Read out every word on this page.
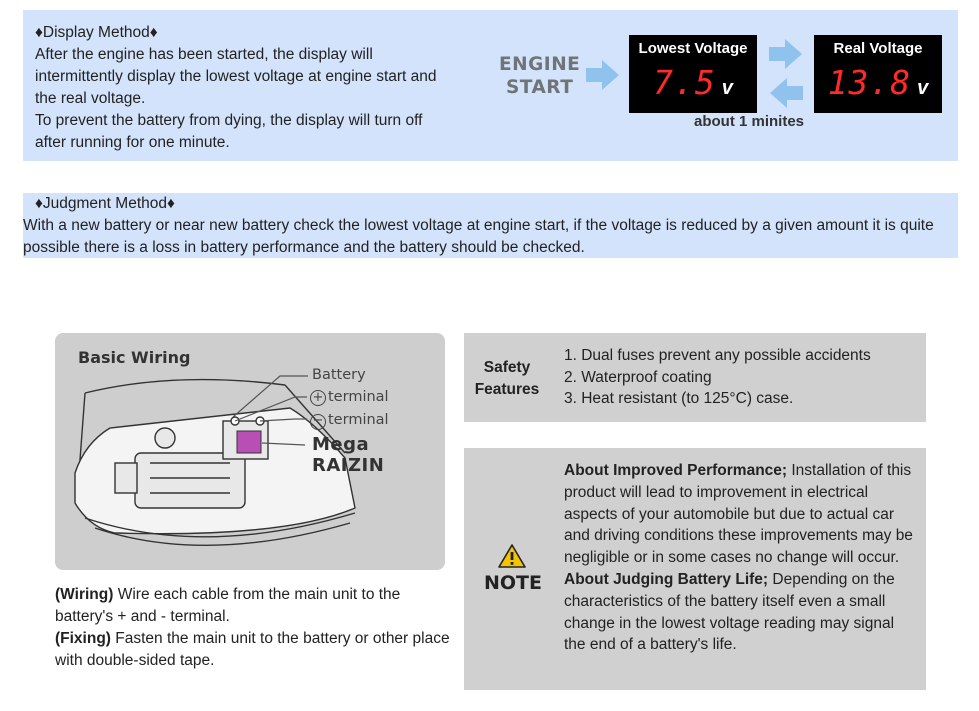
♦Display Method♦
After the engine has been started, the display will
intermittently display the lowest voltage at engine start and
the real voltage.
To prevent the battery from dying, the display will turn off
after running for one minute.
ENGINE
START
Lowest Voltage
7.5 v
Real Voltage
13.8 v
about 1 minites
♦Judgment Method♦
With a new battery or near new battery check the lowest voltage at engine start, if the voltage is reduced by a given amount it is quite possible there is a loss in battery performance and the battery should be checked.
Basic Wiring
Battery
+ terminal
− terminal
Mega RAIZIN
(Wiring) Wire each cable from the main unit to the battery's + and - terminal.
(Fixing) Fasten the main unit to the battery or other place with double-sided tape.
Safety Features
1. Dual fuses prevent any possible accidents
2. Waterproof coating
3. Heat resistant (to 125°C) case.
NOTE
About Improved Performance; Installation of this product will lead to improvement in electrical aspects of your automobile but due to actual car and driving conditions these improvements may be negligible or in some cases no change will occur.
About Judging Battery Life; Depending on the characteristics of the battery itself even a small change in the lowest voltage reading may signal the end of a battery's life.
